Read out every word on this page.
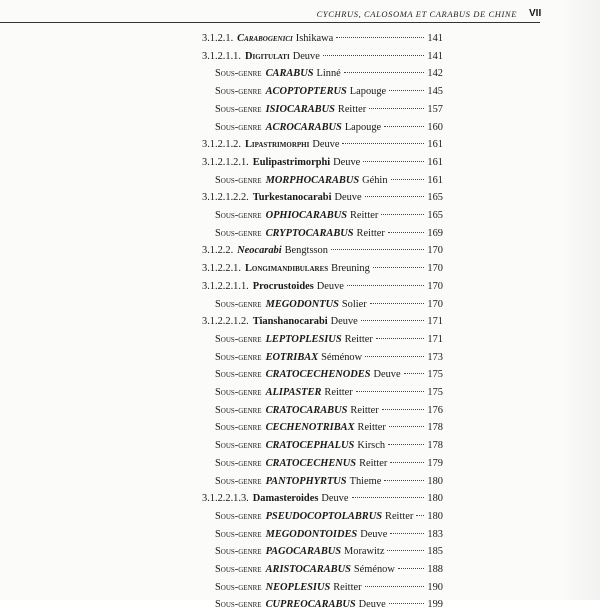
CYCHRUS, CALOSOMA ET CARABUS DE CHINE VII
3.1.2.1. Carabogenici Ishikawa	141
3.1.2.1.1. Digitulati Deuve	141
Sous-genre CARABUS Linné	142
Sous-genre ACOPTOPTERUS Lapouge	145
Sous-genre ISIOCARABUS Reitter	157
Sous-genre ACROCARABUS Lapouge	160
3.1.2.1.2. Lipastrimorphi Deuve	161
3.1.2.1.2.1. Eulipastrimorphi Deuve	161
Sous-genre MORPHOCARABUS Géhin	161
3.1.2.1.2.2. Turkestanocarabi Deuve	165
Sous-genre OPHIOCARABUS Reitter	165
Sous-genre CRYPTOCARABUS Reitter	169
3.1.2.2. Neocarabi Bengtsson	170
3.1.2.2.1. Longimandibulares Breuning	170
3.1.2.2.1.1. Procrustoides Deuve	170
Sous-genre MEGODONTUS Solier	170
3.1.2.2.1.2. Tianshanocarabi Deuve	171
Sous-genre LEPTOPLESIUS Reitter	171
Sous-genre EOTRIBAX Séménow	173
Sous-genre CRATOCECHENODES Deuve	175
Sous-genre ALIPASTER Reitter	175
Sous-genre CRATOCARABUS Reitter	176
Sous-genre CECHENOTRIBAX Reitter	178
Sous-genre CRATOCEPHALUS Kirsch	178
Sous-genre CRATOCECHENUS Reitter	179
Sous-genre PANTOPHYRTUS Thieme	180
3.1.2.2.1.3. Damasteroides Deuve	180
Sous-genre PSEUDOCOPTOLABRUS Reitter 180
Sous-genre MEGODONTOIDES Deuve	183
Sous-genre PAGOCARABUS Morawitz	185
Sous-genre ARISTOCARABUS Séménow	188
Sous-genre NEOPLESIUS Reitter	190
Sous-genre CUPREOCARABUS Deuve	199
